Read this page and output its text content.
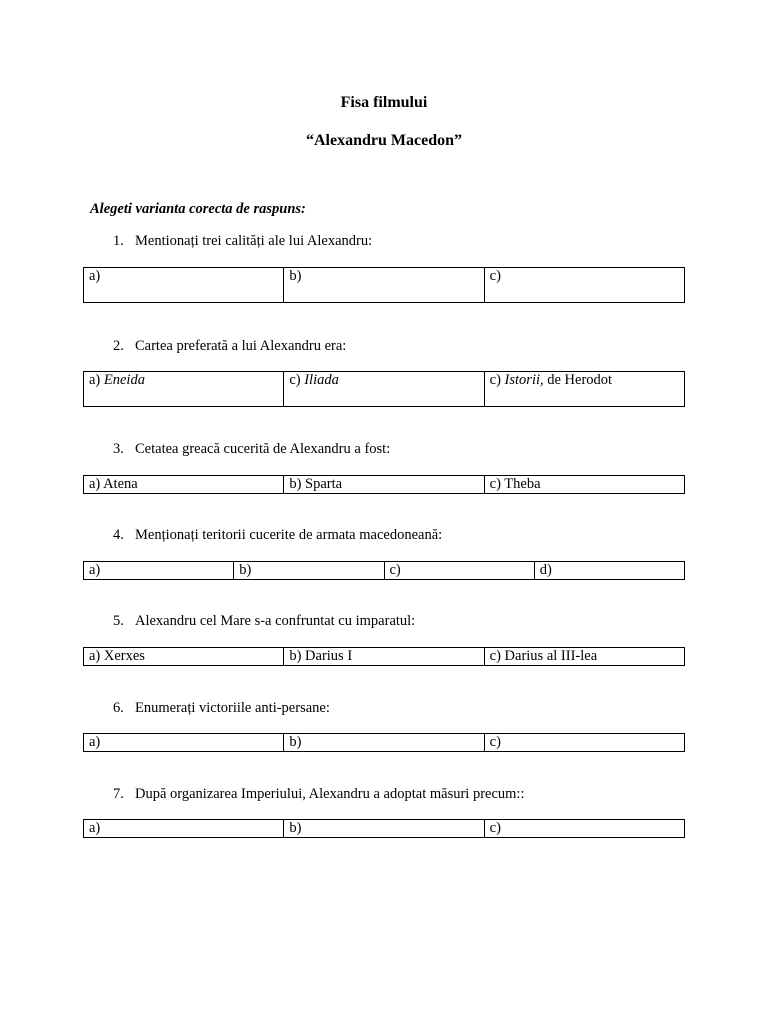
Fisa filmului
“Alexandru Macedon”
Alegeti varianta corecta de raspuns:
1. Mentionați trei calități ale lui Alexandru:
a)	b)	c)
2. Cartea preferată a lui Alexandru era:
a) Eneida	c) Iliada	c) Istorii, de Herodot
3. Cetatea greacă cucerită de Alexandru a fost:
a) Atena	b) Sparta	c) Theba
4. Menționați teritorii cucerite de armata macedoneană:
a)	b)	c)	d)
5. Alexandru cel Mare s-a confruntat cu imparatul:
a) Xerxes	b) Darius I	c) Darius al III-lea
6. Enumerați victoriile anti-persane:
a)	b)	c)
7. După organizarea Imperiului, Alexandru a adoptat măsuri precum::
a)	b)	c)
